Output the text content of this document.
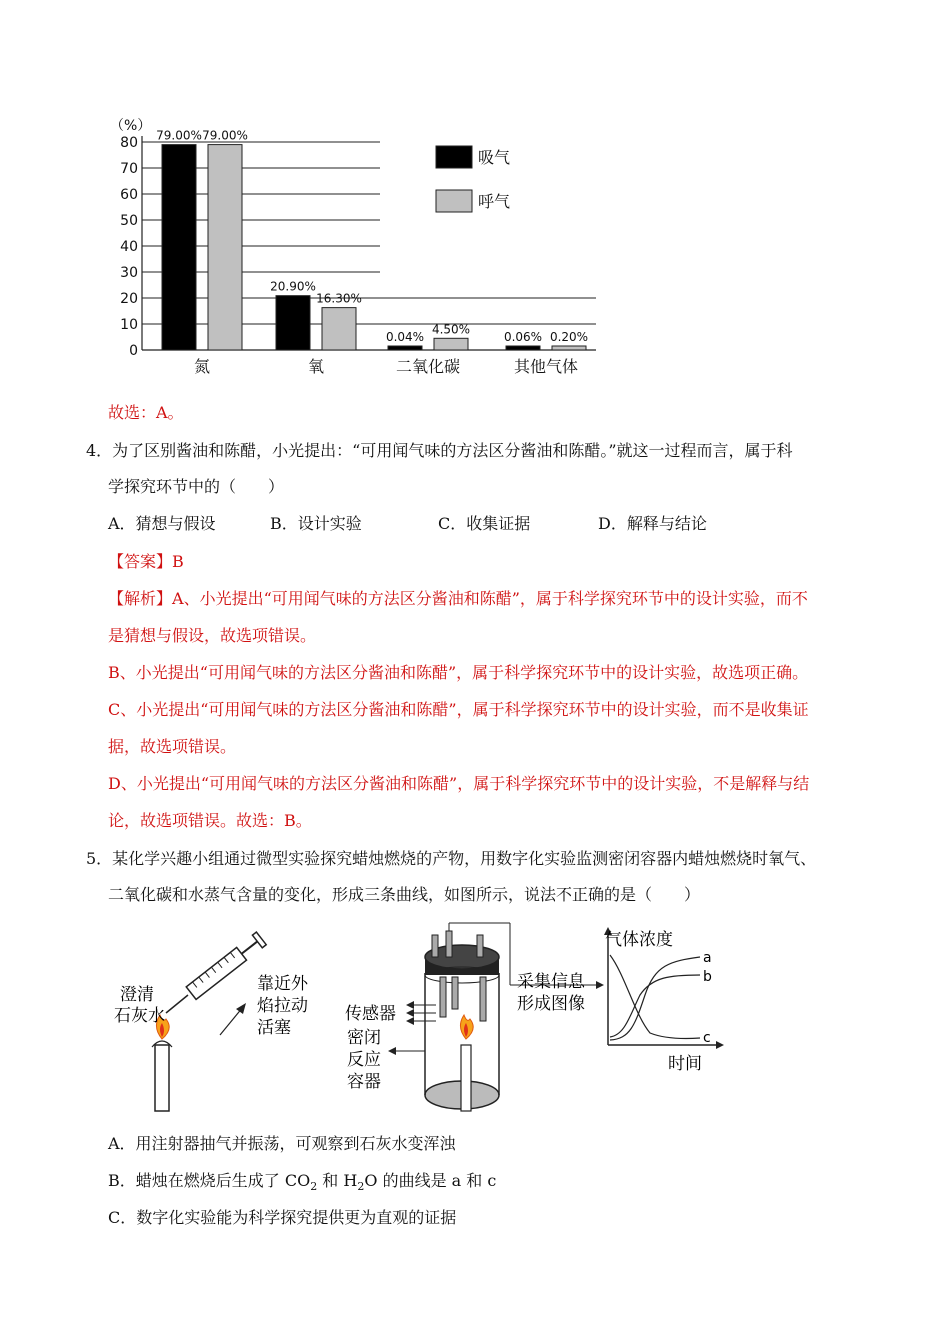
0
10
20
30
40
50
60
70
80
（%）
79.00% 79.00%
氮
20.90%
16.30%
氧
0.04%
4.50%
二氧化碳
0.06% 0.20%
其他气体
吸气
呼气
故选：A。
4．为了区别酱油和陈醋，小光提出：“可用闻气味的方法区分酱油和陈醋。”就这一过程而言，属于科
学探究环节中的（　　）
A．猜想与假设	B．设计实验	C．收集证据	D．解释与结论
【答案】B
【解析】A、小光提出“可用闻气味的方法区分酱油和陈醋”，属于科学探究环节中的设计实验，而不
是猜想与假设，故选项错误。
B、小光提出“可用闻气味的方法区分酱油和陈醋”，属于科学探究环节中的设计实验，故选项正确。
C、小光提出“可用闻气味的方法区分酱油和陈醋”，属于科学探究环节中的设计实验，而不是收集证
据，故选项错误。
D、小光提出“可用闻气味的方法区分酱油和陈醋”，属于科学探究环节中的设计实验，不是解释与结
论，故选项错误。故选：B。
5．某化学兴趣小组通过微型实验探究蜡烛燃烧的产物，用数字化实验监测密闭容器内蜡烛燃烧时氧气、
二氧化碳和水蒸气含量的变化，形成三条曲线，如图所示，说法不正确的是（　　）
澄清
石灰水
靠近外
焰拉动
活塞
传感器
密闭
反应
容器
采集信息
形成图像
气体浓度
时间
a
b
c
A．用注射器抽气并振荡，可观察到石灰水变浑浊
B．蜡烛在燃烧后生成了 $CO_2$ 和 $H_2O$ 的曲线是 a 和 c
C．数字化实验能为科学探究提供更为直观的证据
